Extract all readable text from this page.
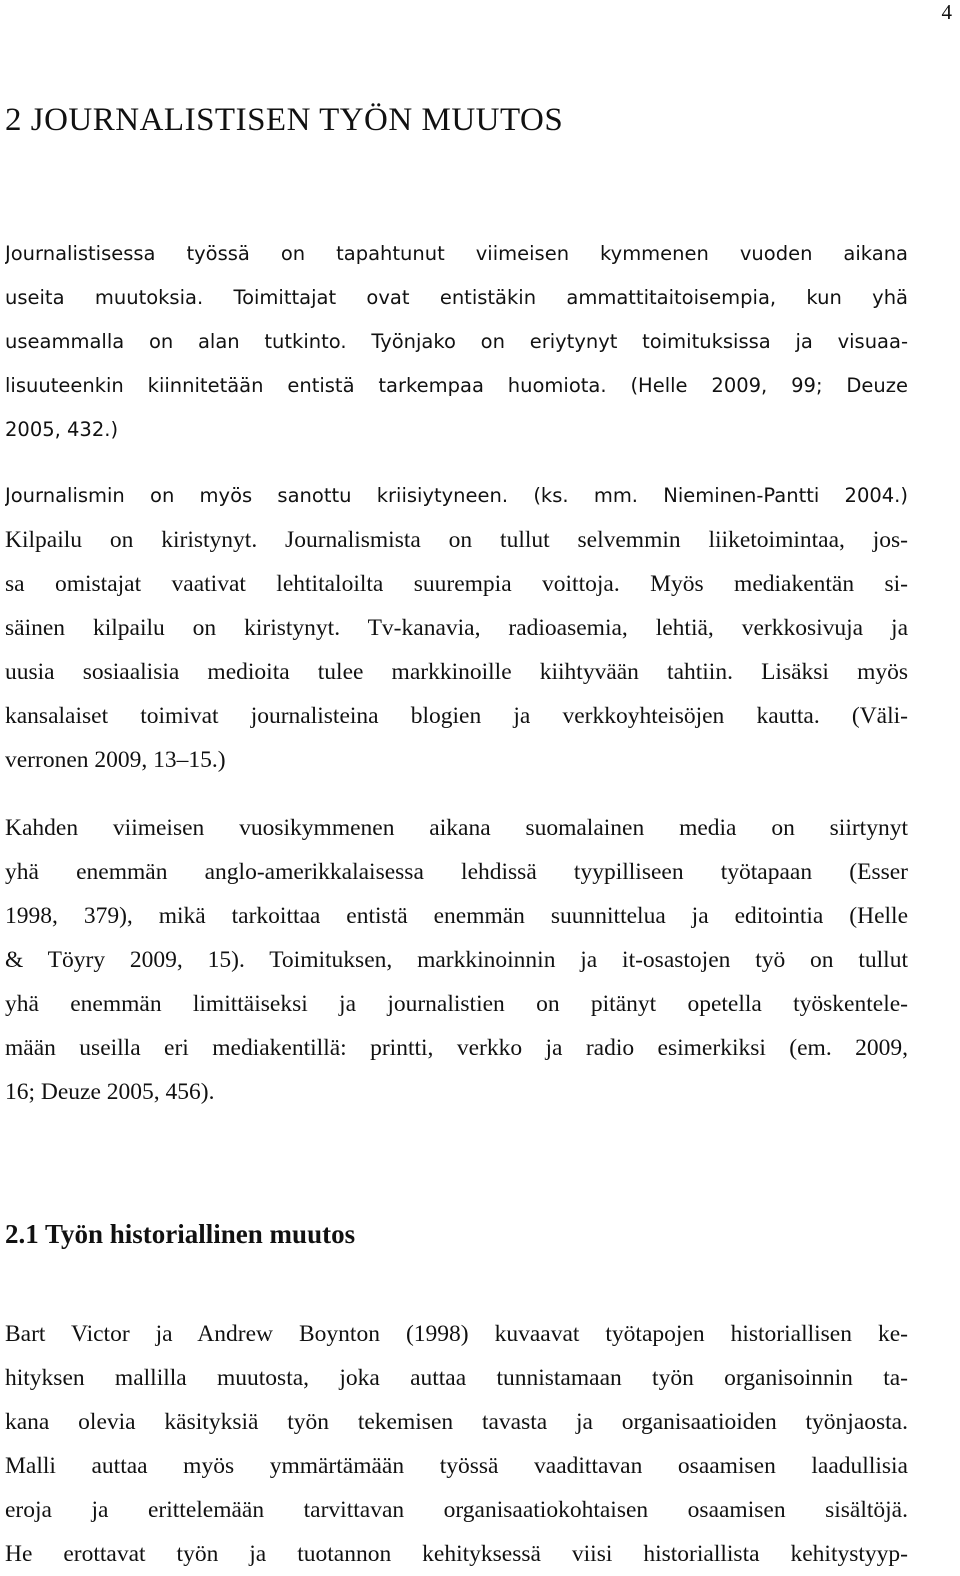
4
2 JOURNALISTISEN TYÖN MUUTOS
Journalistisessa työssä on tapahtunut viimeisen kymmenen vuoden aikana
useita muutoksia. Toimittajat ovat entistäkin ammattitaitoisempia, kun yhä
useammalla on alan tutkinto. Työnjako on eriytynyt toimituksissa ja visuaa-
lisuuteenkin kiinnitetään entistä tarkempaa huomiota. (Helle 2009, 99; Deuze
2005, 432.)
Journalismin on myös sanottu kriisiytyneen. (ks. mm. Nieminen-Pantti 2004.)
Kilpailu on kiristynyt. Journalismista on tullut selvemmin liiketoimintaa, jos-
sa omistajat vaativat lehtitaloilta suurempia voittoja. Myös mediakentän si-
säinen kilpailu on kiristynyt. Tv-kanavia, radioasemia, lehtiä, verkkosivuja ja
uusia sosiaalisia medioita tulee markkinoille kiihtyvään tahtiin. Lisäksi myös
kansalaiset toimivat journalisteina blogien ja verkkoyhteisöjen kautta. (Väli-
verronen 2009, 13–15.)
Kahden viimeisen vuosikymmenen aikana suomalainen media on siirtynyt
yhä enemmän anglo-amerikkalaisessa lehdissä tyypilliseen työtapaan (Esser
1998, 379), mikä tarkoittaa entistä enemmän suunnittelua ja editointia (Helle
& Töyry 2009, 15). Toimituksen, markkinoinnin ja it-osastojen työ on tullut
yhä enemmän limittäiseksi ja journalistien on pitänyt opetella työskentele-
mään useilla eri mediakentillä: printti, verkko ja radio esimerkiksi (em. 2009,
16; Deuze 2005, 456).
2.1 Työn historiallinen muutos
Bart Victor ja Andrew Boynton (1998) kuvaavat työtapojen historiallisen ke-
hityksen mallilla muutosta, joka auttaa tunnistamaan työn organisoinnin ta-
kana olevia käsityksiä työn tekemisen tavasta ja organisaatioiden työnjaosta.
Malli auttaa myös ymmärtämään työssä vaadittavan osaamisen laadullisia
eroja ja erittelemään tarvittavan organisaatiokohtaisen osaamisen sisältöjä.
He erottavat työn ja tuotannon kehityksessä viisi historiallista kehitystyyp-
